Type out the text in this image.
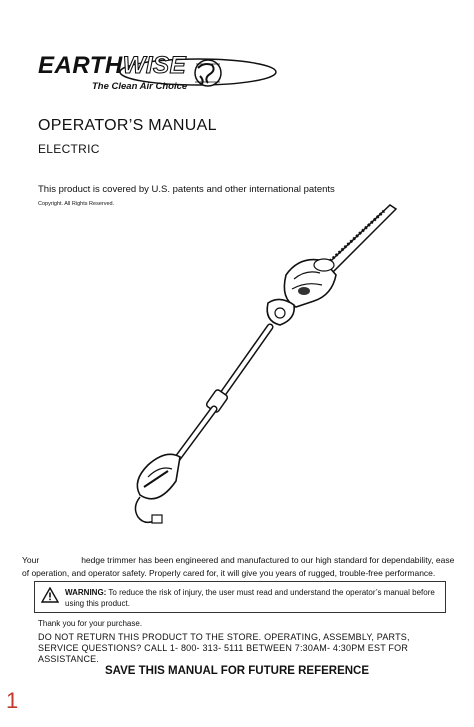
EARTHWISE
The Clean Air Choice
OPERATOR’S MANUAL
ELECTRIC
This product is covered by U.S. patents and other international patents
Copyright. All Rights Reserved.
Your	hedge trimmer has been engineered and manufactured to our high standard for dependability, ease of operation, and operator safety. Properly cared for, it will give you years of rugged, trouble-free performance.
WARNING: To reduce the risk of injury, the user must read and understand the operator’s manual before using this product.
Thank you for your purchase.
DO NOT RETURN THIS PRODUCT TO THE STORE. OPERATING, ASSEMBLY, PARTS, SERVICE QUESTIONS? CALL 1- 800- 313- 5111 BETWEEN 7:30AM- 4:30PM EST FOR ASSISTANCE.
SAVE THIS MANUAL FOR FUTURE REFERENCE
1
